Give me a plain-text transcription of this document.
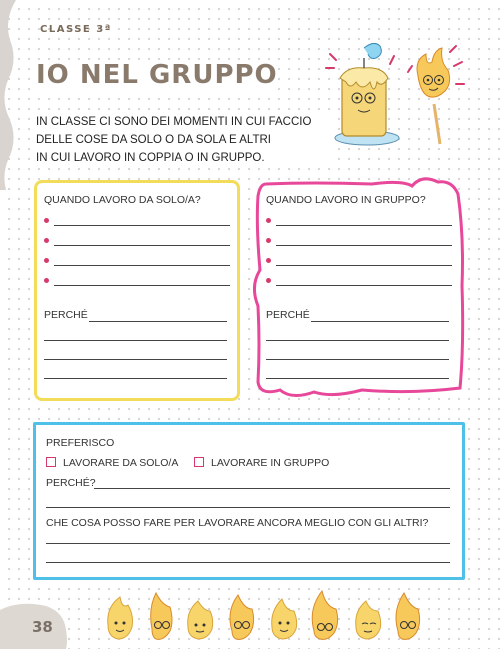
CLASSE 3ª
IO NEL GRUPPO
IN CLASSE CI SONO DEI MOMENTI IN CUI FACCIO
DELLE COSE DA SOLO O DA SOLA E ALTRI
IN CUI LAVORO IN COPPIA O IN GRUPPO.
QUANDO LAVORO DA SOLO/A?
PERCHÉ
QUANDO LAVORO IN GRUPPO?
PERCHÉ
PREFERISCO
LAVORARE DA SOLO/A	LAVORARE IN GRUPPO
PERCHÉ?
CHE COSA POSSO FARE PER LAVORARE ANCORA MEGLIO CON GLI ALTRI?
38
